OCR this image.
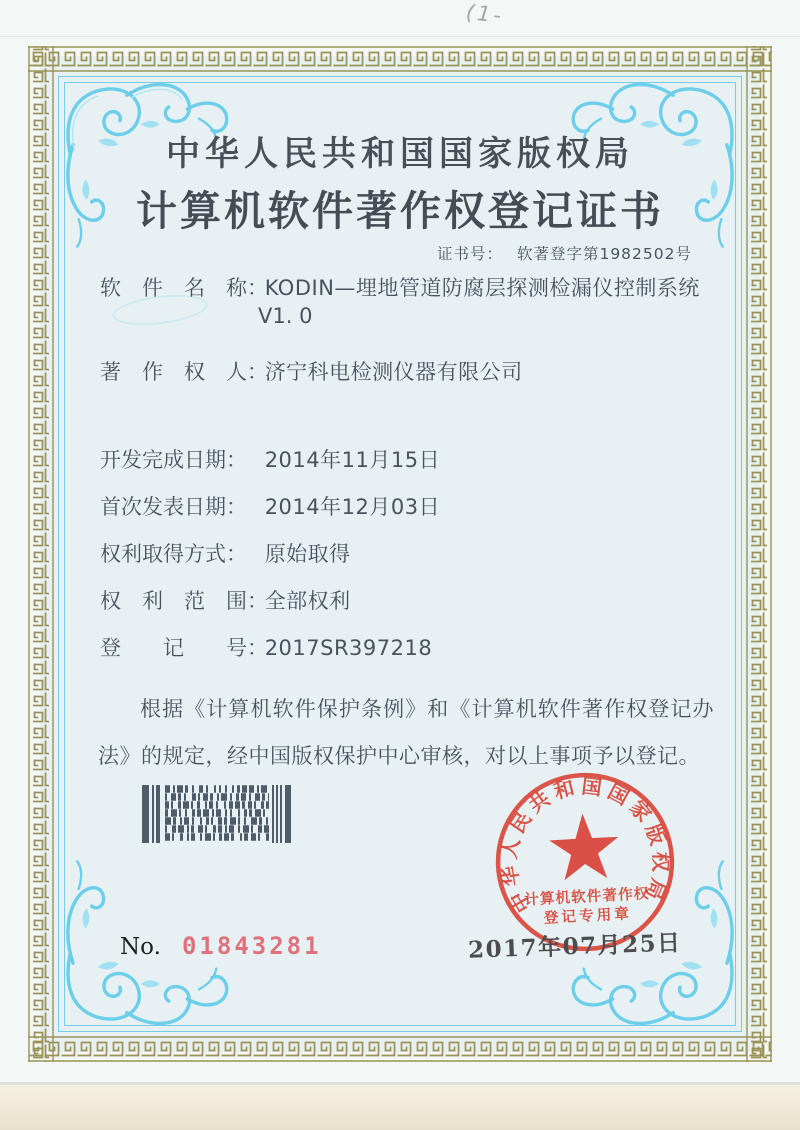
(1-
中华人民共和国国家版权局
计算机软件著作权登记证书
证书号： 软著登字第1982502号
软　件　名　称： KODIN—埋地管道防腐层探测检漏仪控制系统
V1. 0
著　作　权　人： 济宁科电检测仪器有限公司
开发完成日期： 2014年11月15日
首次发表日期： 2014年12月03日
权利取得方式： 原始取得
权　利　范　围： 全部权利
登　　记　　号： 2017SR397218
根据《计算机软件保护条例》和《计算机软件著作权登记办法》的规定，经中国版权保护中心审核，对以上事项予以登记。
中华人民共和国国家版权局
计算机软件著作权
登记专用章
2017年07月25日
No. 01843281
